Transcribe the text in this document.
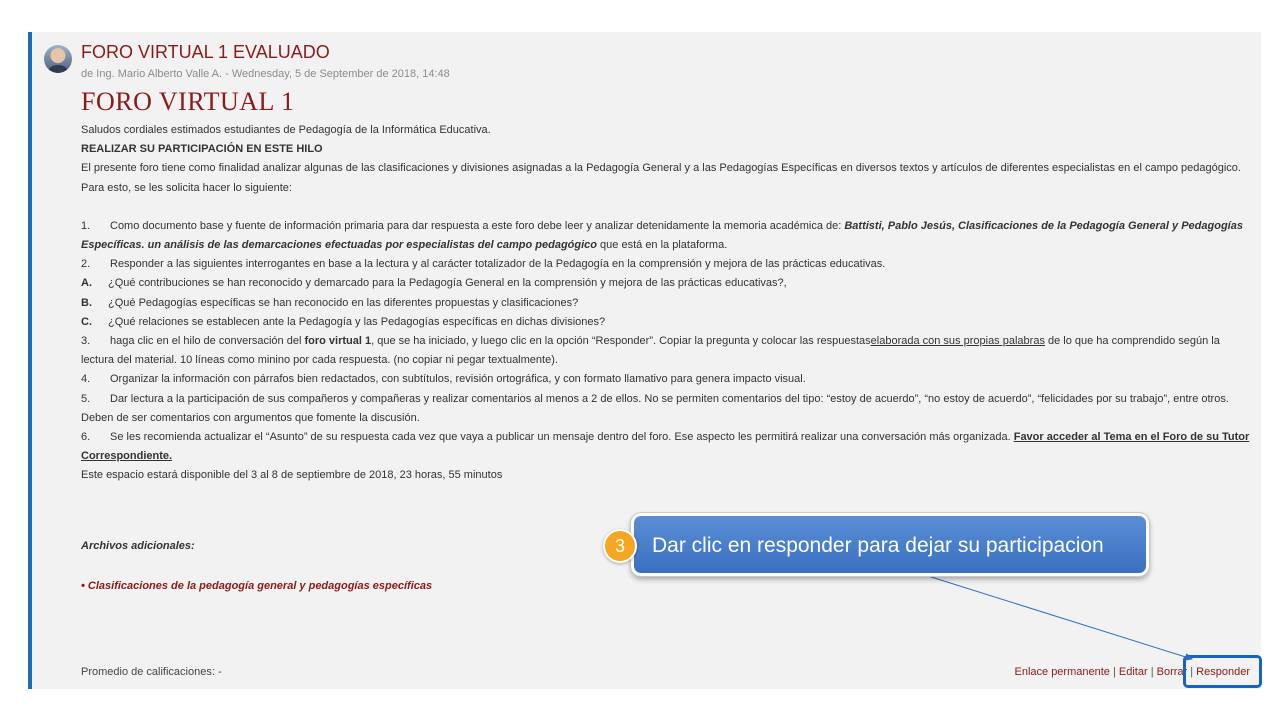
FORO VIRTUAL 1 EVALUADO
de Ing. Mario Alberto Valle A. - Wednesday, 5 de September de 2018, 14:48
FORO VIRTUAL 1

Saludos cordiales estimados estudiantes de Pedagogía de la Informática Educativa.

REALIZAR SU PARTICIPACIÓN EN ESTE HILO

El presente foro tiene como finalidad analizar algunas de las clasificaciones y divisiones asignadas a la Pedagogía General y a las Pedagogías Específicas en diversos textos y artículos de diferentes especialistas en el campo pedagógico. Para esto, se les solicita hacer lo siguiente:

1. Como documento base y fuente de información primaria para dar respuesta a este foro debe leer y analizar detenidamente la memoria académica de: Battisti, Pablo Jesús, Clasificaciones de la Pedagogía General y Pedagogías Específicas. un análisis de las demarcaciones efectuadas por especialistas del campo pedagógico que está en la plataforma.

2. Responder a las siguientes interrogantes en base a la lectura y al carácter totalizador de la Pedagogía en la comprensión y mejora de las prácticas educativas.

A. ¿Qué contribuciones se han reconocido y demarcado para la Pedagogía General en la comprensión y mejora de las prácticas educativas?,

B. ¿Qué Pedagogías específicas se han reconocido en las diferentes propuestas y clasificaciones?

C. ¿Qué relaciones se establecen ante la Pedagogía y las Pedagogías específicas en dichas divisiones?

3. haga clic en el hilo de conversación del foro virtual 1, que se ha iniciado, y luego clic en la opción “Responder”. Copiar la pregunta y colocar las respuestaselaborada con sus propias palabras de lo que ha comprendido según la lectura del material. 10 líneas como minino por cada respuesta. (no copiar ni pegar textualmente).

4. Organizar la información con párrafos bien redactados, con subtítulos, revisión ortográfica, y con formato llamativo para genera impacto visual.

5. Dar lectura a la participación de sus compañeros y compañeras y realizar comentarios al menos a 2 de ellos. No se permiten comentarios del tipo: “estoy de acuerdo”, “no estoy de acuerdo”, “felicidades por su trabajo”, entre otros. Deben de ser comentarios con argumentos que fomente la discusión.

6. Se les recomienda actualizar el “Asunto” de su respuesta cada vez que vaya a publicar un mensaje dentro del foro. Ese aspecto les permitirá realizar una conversación más organizada. Favor acceder al Tema en el Foro de su Tutor Correspondiente.

Este espacio estará disponible del 3 al 8 de septiembre de 2018, 23 horas, 55 minutos

Archivos adicionales:
• Clasificaciones de la pedagogía general y pedagogías específicas
Promedio de calificaciones: -	Enlace permanente | Editar | Borrar | Responder
Dar clic en responder para dejar su participacion
3
